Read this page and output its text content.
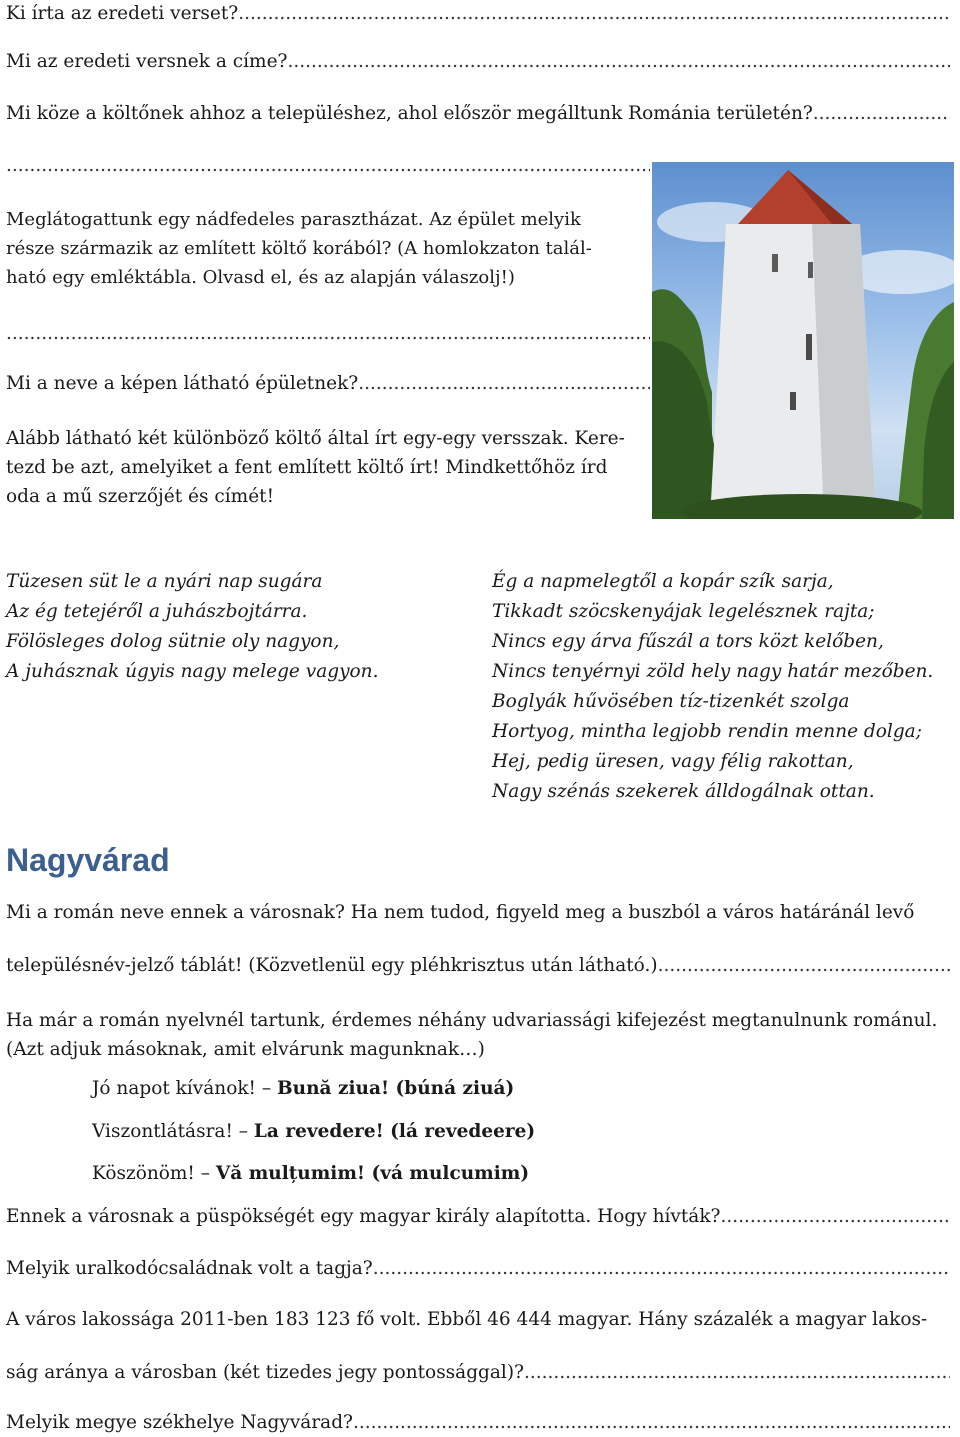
Ki írta az eredeti verset?
.....
Mi az eredeti versnek a címe?
.....
Mi köze a költőnek ahhoz a településhez, ahol először megálltunk Románia területén?
.....
.....
Meglátogattunk egy nádfedeles parasztházat. Az épület melyik
része származik az említett költő korából? (A homlokzaton talál-
ható egy emléktábla. Olvasd el, és az alapján válaszolj!)
.....
Mi a neve a képen látható épületnek?
.....
Alább látható két különböző költő által írt egy-egy versszak. Kere-
tezd be azt, amelyiket a fent említett költő írt! Mindkettőhöz írd
oda a mű szerzőjét és címét!
Tüzesen süt le a nyári nap sugára
Az ég tetejéről a juhászbojtárra.
Fölösleges dolog sütnie oly nagyon,
A juhásznak úgyis nagy melege vagyon.
Ég a napmelegtől a kopár szík sarja,
Tikkadt szöcskenyájak legelésznek rajta;
Nincs egy árva fűszál a tors közt kelőben,
Nincs tenyérnyi zöld hely nagy határ mezőben.
Boglyák hűvösében tíz-tizenkét szolga
Hortyog, mintha legjobb rendin menne dolga;
Hej, pedig üresen, vagy félig rakottan,
Nagy szénás szekerek álldogálnak ottan.
Nagyvárad
Mi a román neve ennek a városnak? Ha nem tudod, figyeld meg a buszból a város határánál levő
településnév-jelző táblát! (Közvetlenül egy pléhkrisztus után látható.)
.....
Ha már a román nyelvnél tartunk, érdemes néhány udvariassági kifejezést megtanulnunk románul.
(Azt adjuk másoknak, amit elvárunk magunknak…)
Jó napot kívánok! – Bună ziua! (búná ziuá)
Viszontlátásra! – La revedere! (lá revedeere)
Köszönöm! – Vă mulțumim! (vá mulcumim)
Ennek a városnak a püspökségét egy magyar király alapította. Hogy hívták?
.....
Melyik uralkodócsaládnak volt a tagja?
.....
A város lakossága 2011-ben 183 123 fő volt. Ebből 46 444 magyar. Hány százalék a magyar lakos-
ság aránya a városban (két tizedes jegy pontossággal)?
.....
Melyik megye székhelye Nagyvárad?
.....
